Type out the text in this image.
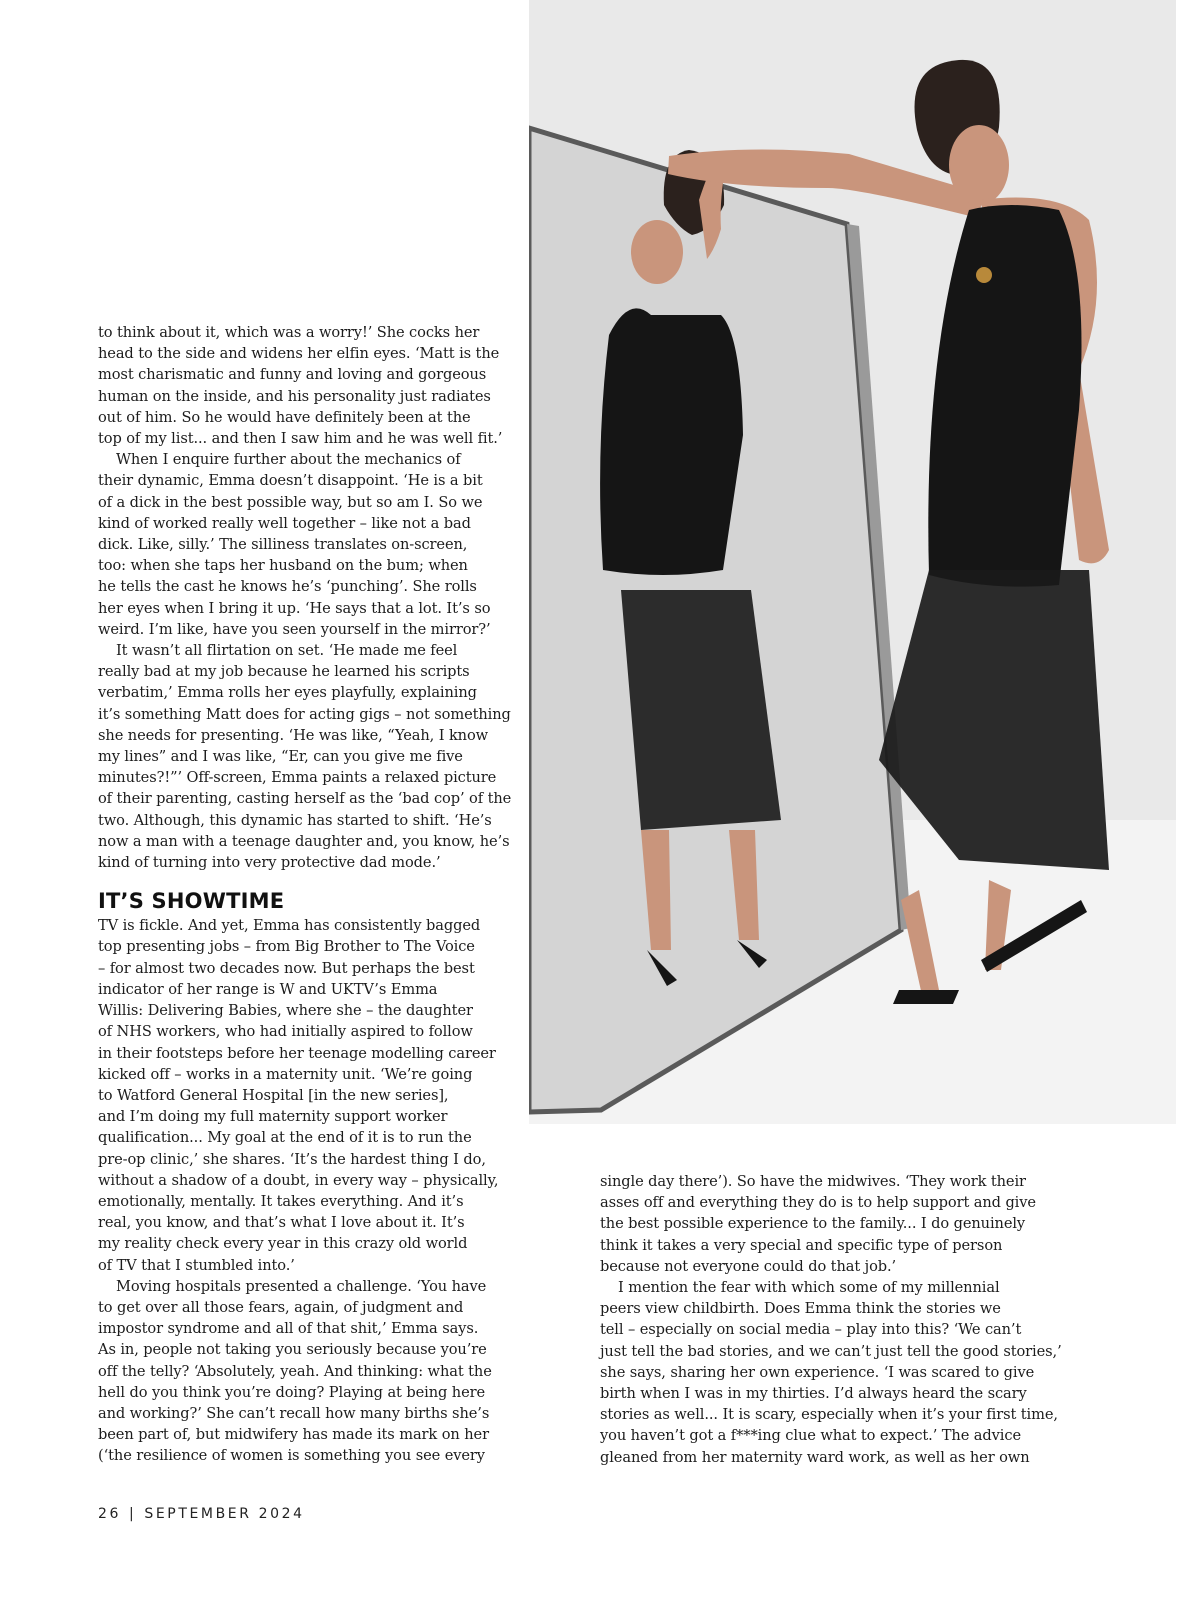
to think about it, which was a worry!’ She cocks her

head to the side and widens her elfin eyes. ‘Matt is the

most charismatic and funny and loving and gorgeous

human on the inside, and his personality just radiates

out of him. So he would have definitely been at the

top of my list... and then I saw him and he was well fit.’

When I enquire further about the mechanics of

their dynamic, Emma doesn’t disappoint. ‘He is a bit

of a dick in the best possible way, but so am I. So we

kind of worked really well together – like not a bad

dick. Like, silly.’ The silliness translates on-screen,

too: when she taps her husband on the bum; when

he tells the cast he knows he’s ‘punching’. She rolls

her eyes when I bring it up. ‘He says that a lot. It’s so

weird. I’m like, have you seen yourself in the mirror?’

It wasn’t all flirtation on set. ‘He made me feel

really bad at my job because he learned his scripts

verbatim,’ Emma rolls her eyes playfully, explaining

it’s something Matt does for acting gigs – not something

she needs for presenting. ‘He was like, “Yeah, I know

my lines” and I was like, “Er, can you give me five

minutes?!”’ Off-screen, Emma paints a relaxed picture

of their parenting, casting herself as the ‘bad cop’ of the

two. Although, this dynamic has started to shift. ‘He’s

now a man with a teenage daughter and, you know, he’s

kind of turning into very protective dad mode.’

IT’S SHOWTIME

TV is fickle. And yet, Emma has consistently bagged

top presenting jobs – from Big Brother to The Voice

– for almost two decades now. But perhaps the best

indicator of her range is W and UKTV’s Emma

Willis: Delivering Babies, where she – the daughter

of NHS workers, who had initially aspired to follow

in their footsteps before her teenage modelling career

kicked off – works in a maternity unit. ‘We’re going

to Watford General Hospital [in the new series],

and I’m doing my full maternity support worker

qualification... My goal at the end of it is to run the

pre-op clinic,’ she shares. ‘It’s the hardest thing I do,

without a shadow of a doubt, in every way – physically,

emotionally, mentally. It takes everything. And it’s

real, you know, and that’s what I love about it. It’s

my reality check every year in this crazy old world

of TV that I stumbled into.’

Moving hospitals presented a challenge. ‘You have

to get over all those fears, again, of judgment and

impostor syndrome and all of that shit,’ Emma says.

As in, people not taking you seriously because you’re

off the telly? ‘Absolutely, yeah. And thinking: what the

hell do you think you’re doing? Playing at being here

and working?’ She can’t recall how many births she’s

been part of, but midwifery has made its mark on her

(‘the resilience of women is something you see every

26 | SEPTEMBER 2024

single day there’). So have the midwives. ‘They work their

asses off and everything they do is to help support and give

the best possible experience to the family... I do genuinely

think it takes a very special and specific type of person

because not everyone could do that job.’

I mention the fear with which some of my millennial

peers view childbirth. Does Emma think the stories we

tell – especially on social media – play into this? ‘We can’t

just tell the bad stories, and we can’t just tell the good stories,’

she says, sharing her own experience. ‘I was scared to give

birth when I was in my thirties. I’d always heard the scary

stories as well... It is scary, especially when it’s your first time,

you haven’t got a f***ing clue what to expect.’ The advice

gleaned from her maternity ward work, as well as her own
